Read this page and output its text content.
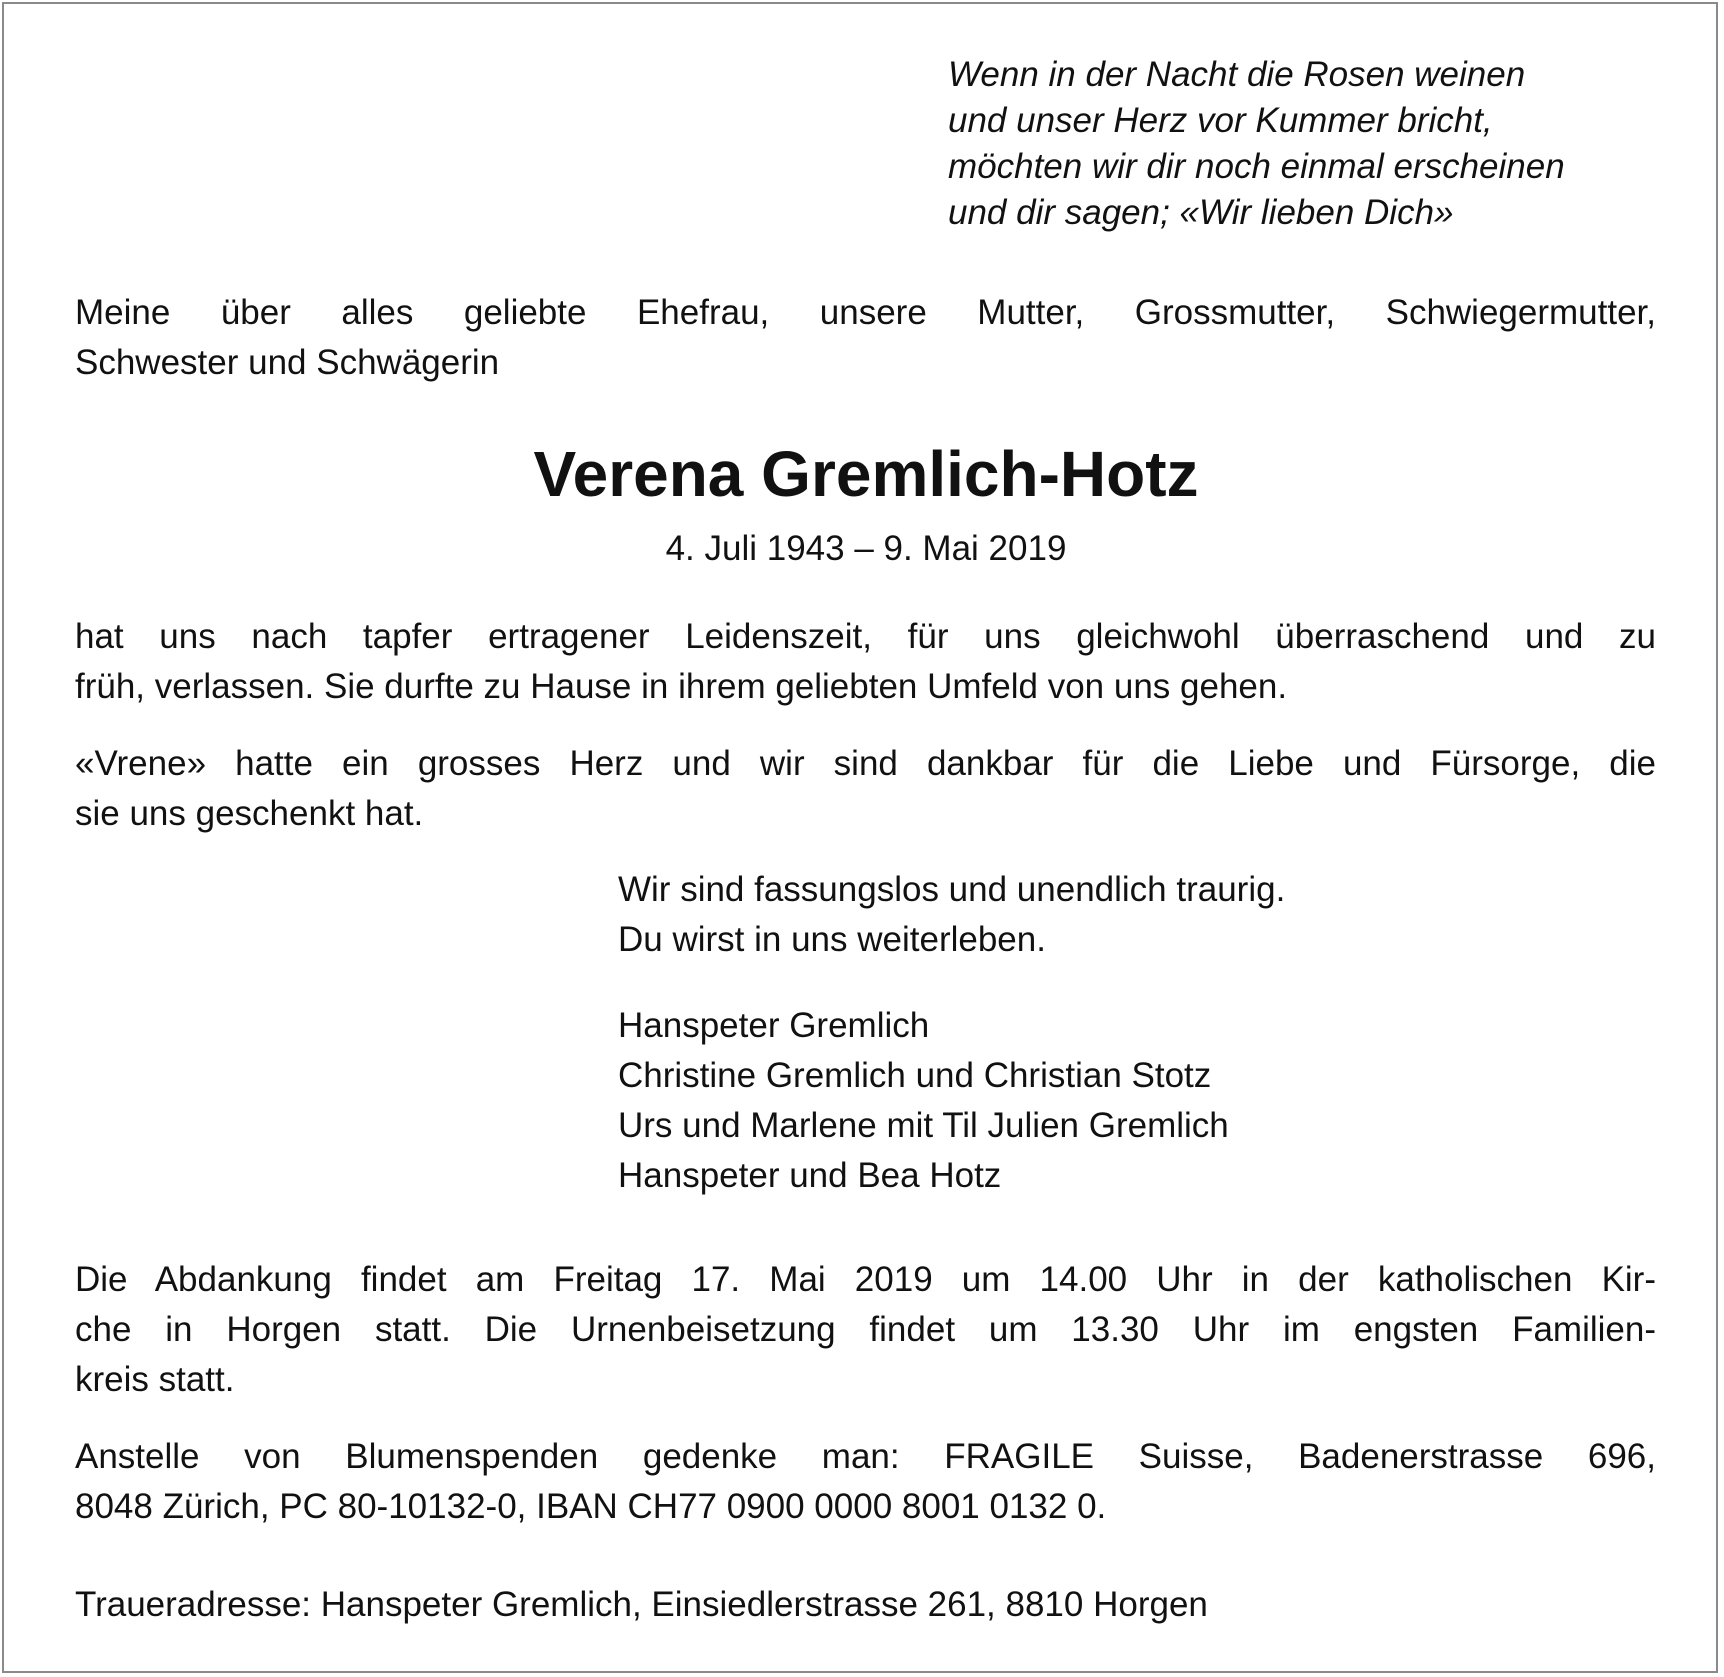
Wenn in der Nacht die Rosen weinen
und unser Herz vor Kummer bricht,
möchten wir dir noch einmal erscheinen
und dir sagen; «Wir lieben Dich»
Meine über alles geliebte Ehefrau, unsere Mutter, Grossmutter, Schwiegermutter,
Schwester und Schwägerin
Verena Gremlich-Hotz
4. Juli 1943 – 9. Mai 2019
hat uns nach tapfer ertragener Leidenszeit, für uns gleichwohl überraschend und zu
früh, verlassen. Sie durfte zu Hause in ihrem geliebten Umfeld von uns gehen.
«Vrene» hatte ein grosses Herz und wir sind dankbar für die Liebe und Fürsorge, die
sie uns geschenkt hat.
Wir sind fassungslos und unendlich traurig.
Du wirst in uns weiterleben.
Hanspeter Gremlich
Christine Gremlich und Christian Stotz
Urs und Marlene mit Til Julien Gremlich
Hanspeter und Bea Hotz
Die Abdankung findet am Freitag 17. Mai 2019 um 14.00 Uhr in der katholischen Kir-
che in Horgen statt. Die Urnenbeisetzung findet um 13.30 Uhr im engsten Familien-
kreis statt.
Anstelle von Blumenspenden gedenke man: FRAGILE Suisse, Badenerstrasse 696,
8048 Zürich, PC 80-10132-0, IBAN CH77 0900 0000 8001 0132 0.
Traueradresse: Hanspeter Gremlich, Einsiedlerstrasse 261, 8810 Horgen
